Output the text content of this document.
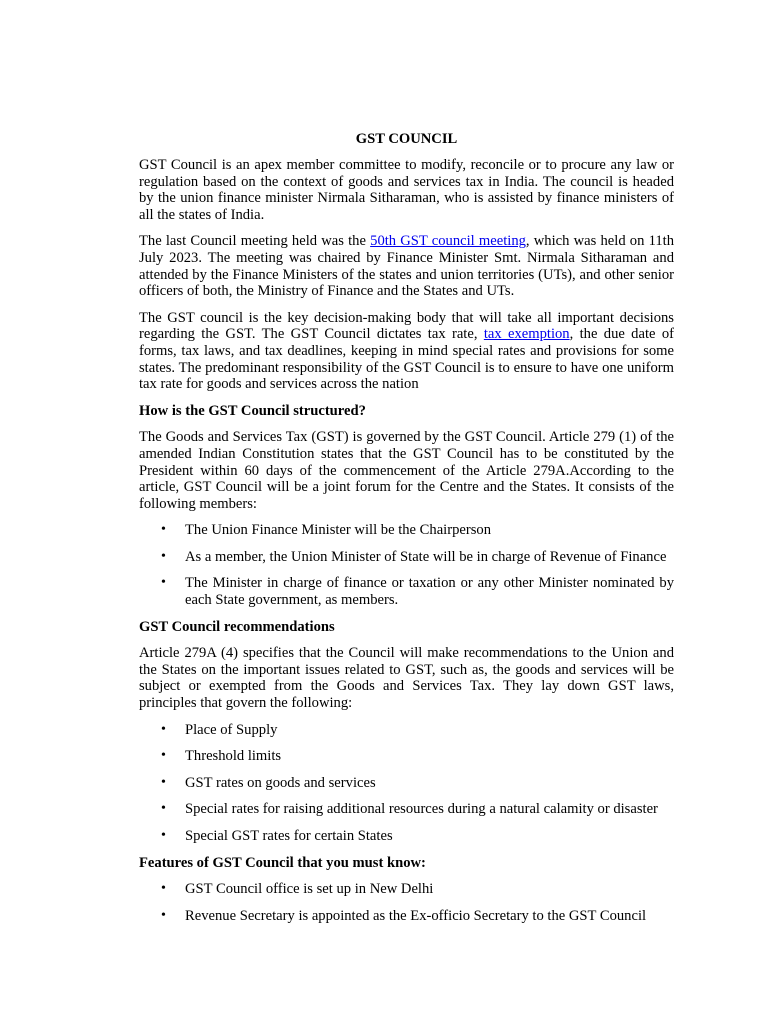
GST COUNCIL

GST Council is an apex member committee to modify, reconcile or to procure any law or regulation based on the context of goods and services tax in India. The council is headed by the union finance minister Nirmala Sitharaman, who is assisted by finance ministers of all the states of India.

The last Council meeting held was the 50th GST council meeting, which was held on 11th July 2023. The meeting was chaired by Finance Minister Smt. Nirmala Sitharaman and attended by the Finance Ministers of the states and union territories (UTs), and other senior officers of both, the Ministry of Finance and the States and UTs.

The GST council is the key decision-making body that will take all important decisions regarding the GST. The GST Council dictates tax rate, tax exemption, the due date of forms, tax laws, and tax deadlines, keeping in mind special rates and provisions for some states. The predominant responsibility of the GST Council is to ensure to have one uniform tax rate for goods and services across the nation

How is the GST Council structured?

The Goods and Services Tax (GST) is governed by the GST Council. Article 279 (1) of the amended Indian Constitution states that the GST Council has to be constituted by the President within 60 days of the commencement of the Article 279A.According to the article, GST Council will be a joint forum for the Centre and the States. It consists of the following members:

• The Union Finance Minister will be the Chairperson
• As a member, the Union Minister of State will be in charge of Revenue of Finance
• The Minister in charge of finance or taxation or any other Minister nominated by each State government, as members.
GST Council recommendations

Article 279A (4) specifies that the Council will make recommendations to the Union and the States on the important issues related to GST, such as, the goods and services will be subject or exempted from the Goods and Services Tax. They lay down GST laws, principles that govern the following:

• Place of Supply
• Threshold limits
• GST rates on goods and services
• Special rates for raising additional resources during a natural calamity or disaster
• Special GST rates for certain States
Features of GST Council that you must know:
• GST Council office is set up in New Delhi
• Revenue Secretary is appointed as the Ex-officio Secretary to the GST Council
